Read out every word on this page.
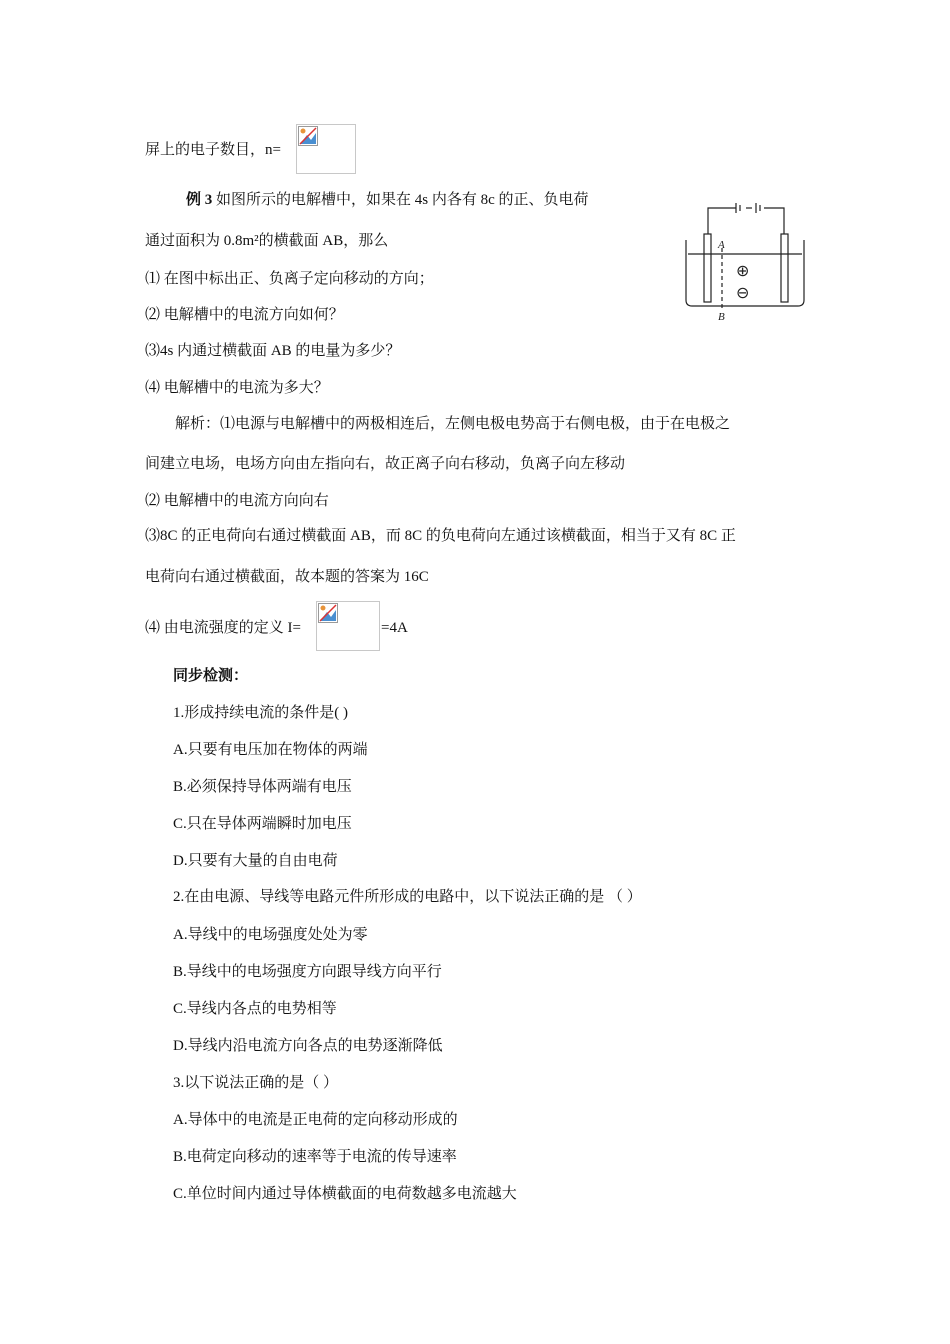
屏上的电子数目，n=
例 3 如图所示的电解槽中，如果在 4s 内各有 8c 的正、负电荷
通过面积为 0.8m²的横截面 AB，那么
⑴ 在图中标出正、负离子定向移动的方向；
⑵ 电解槽中的电流方向如何？
⑶4s 内通过横截面 AB 的电量为多少？
⑷ 电解槽中的电流为多大？
A
B
⊕
⊖
解析：⑴电源与电解槽中的两极相连后，左侧电极电势高于右侧电极，由于在电极之
间建立电场，电场方向由左指向右，故正离子向右移动，负离子向左移动
⑵ 电解槽中的电流方向向右
⑶8C 的正电荷向右通过横截面 AB，而 8C 的负电荷向左通过该横截面，相当于又有 8C 正
电荷向右通过横截面，故本题的答案为 16C
⑷ 由电流强度的定义 I=	=4A
同步检测：
1.形成持续电流的条件是( )
A.只要有电压加在物体的两端
B.必须保持导体两端有电压
C.只在导体两端瞬时加电压
D.只要有大量的自由电荷
2.在由电源、导线等电路元件所形成的电路中，以下说法正确的是 （ ）
A.导线中的电场强度处处为零
B.导线中的电场强度方向跟导线方向平行
C.导线内各点的电势相等
D.导线内沿电流方向各点的电势逐渐降低
3.以下说法正确的是（ ）
A.导体中的电流是正电荷的定向移动形成的
B.电荷定向移动的速率等于电流的传导速率
C.单位时间内通过导体横截面的电荷数越多电流越大
